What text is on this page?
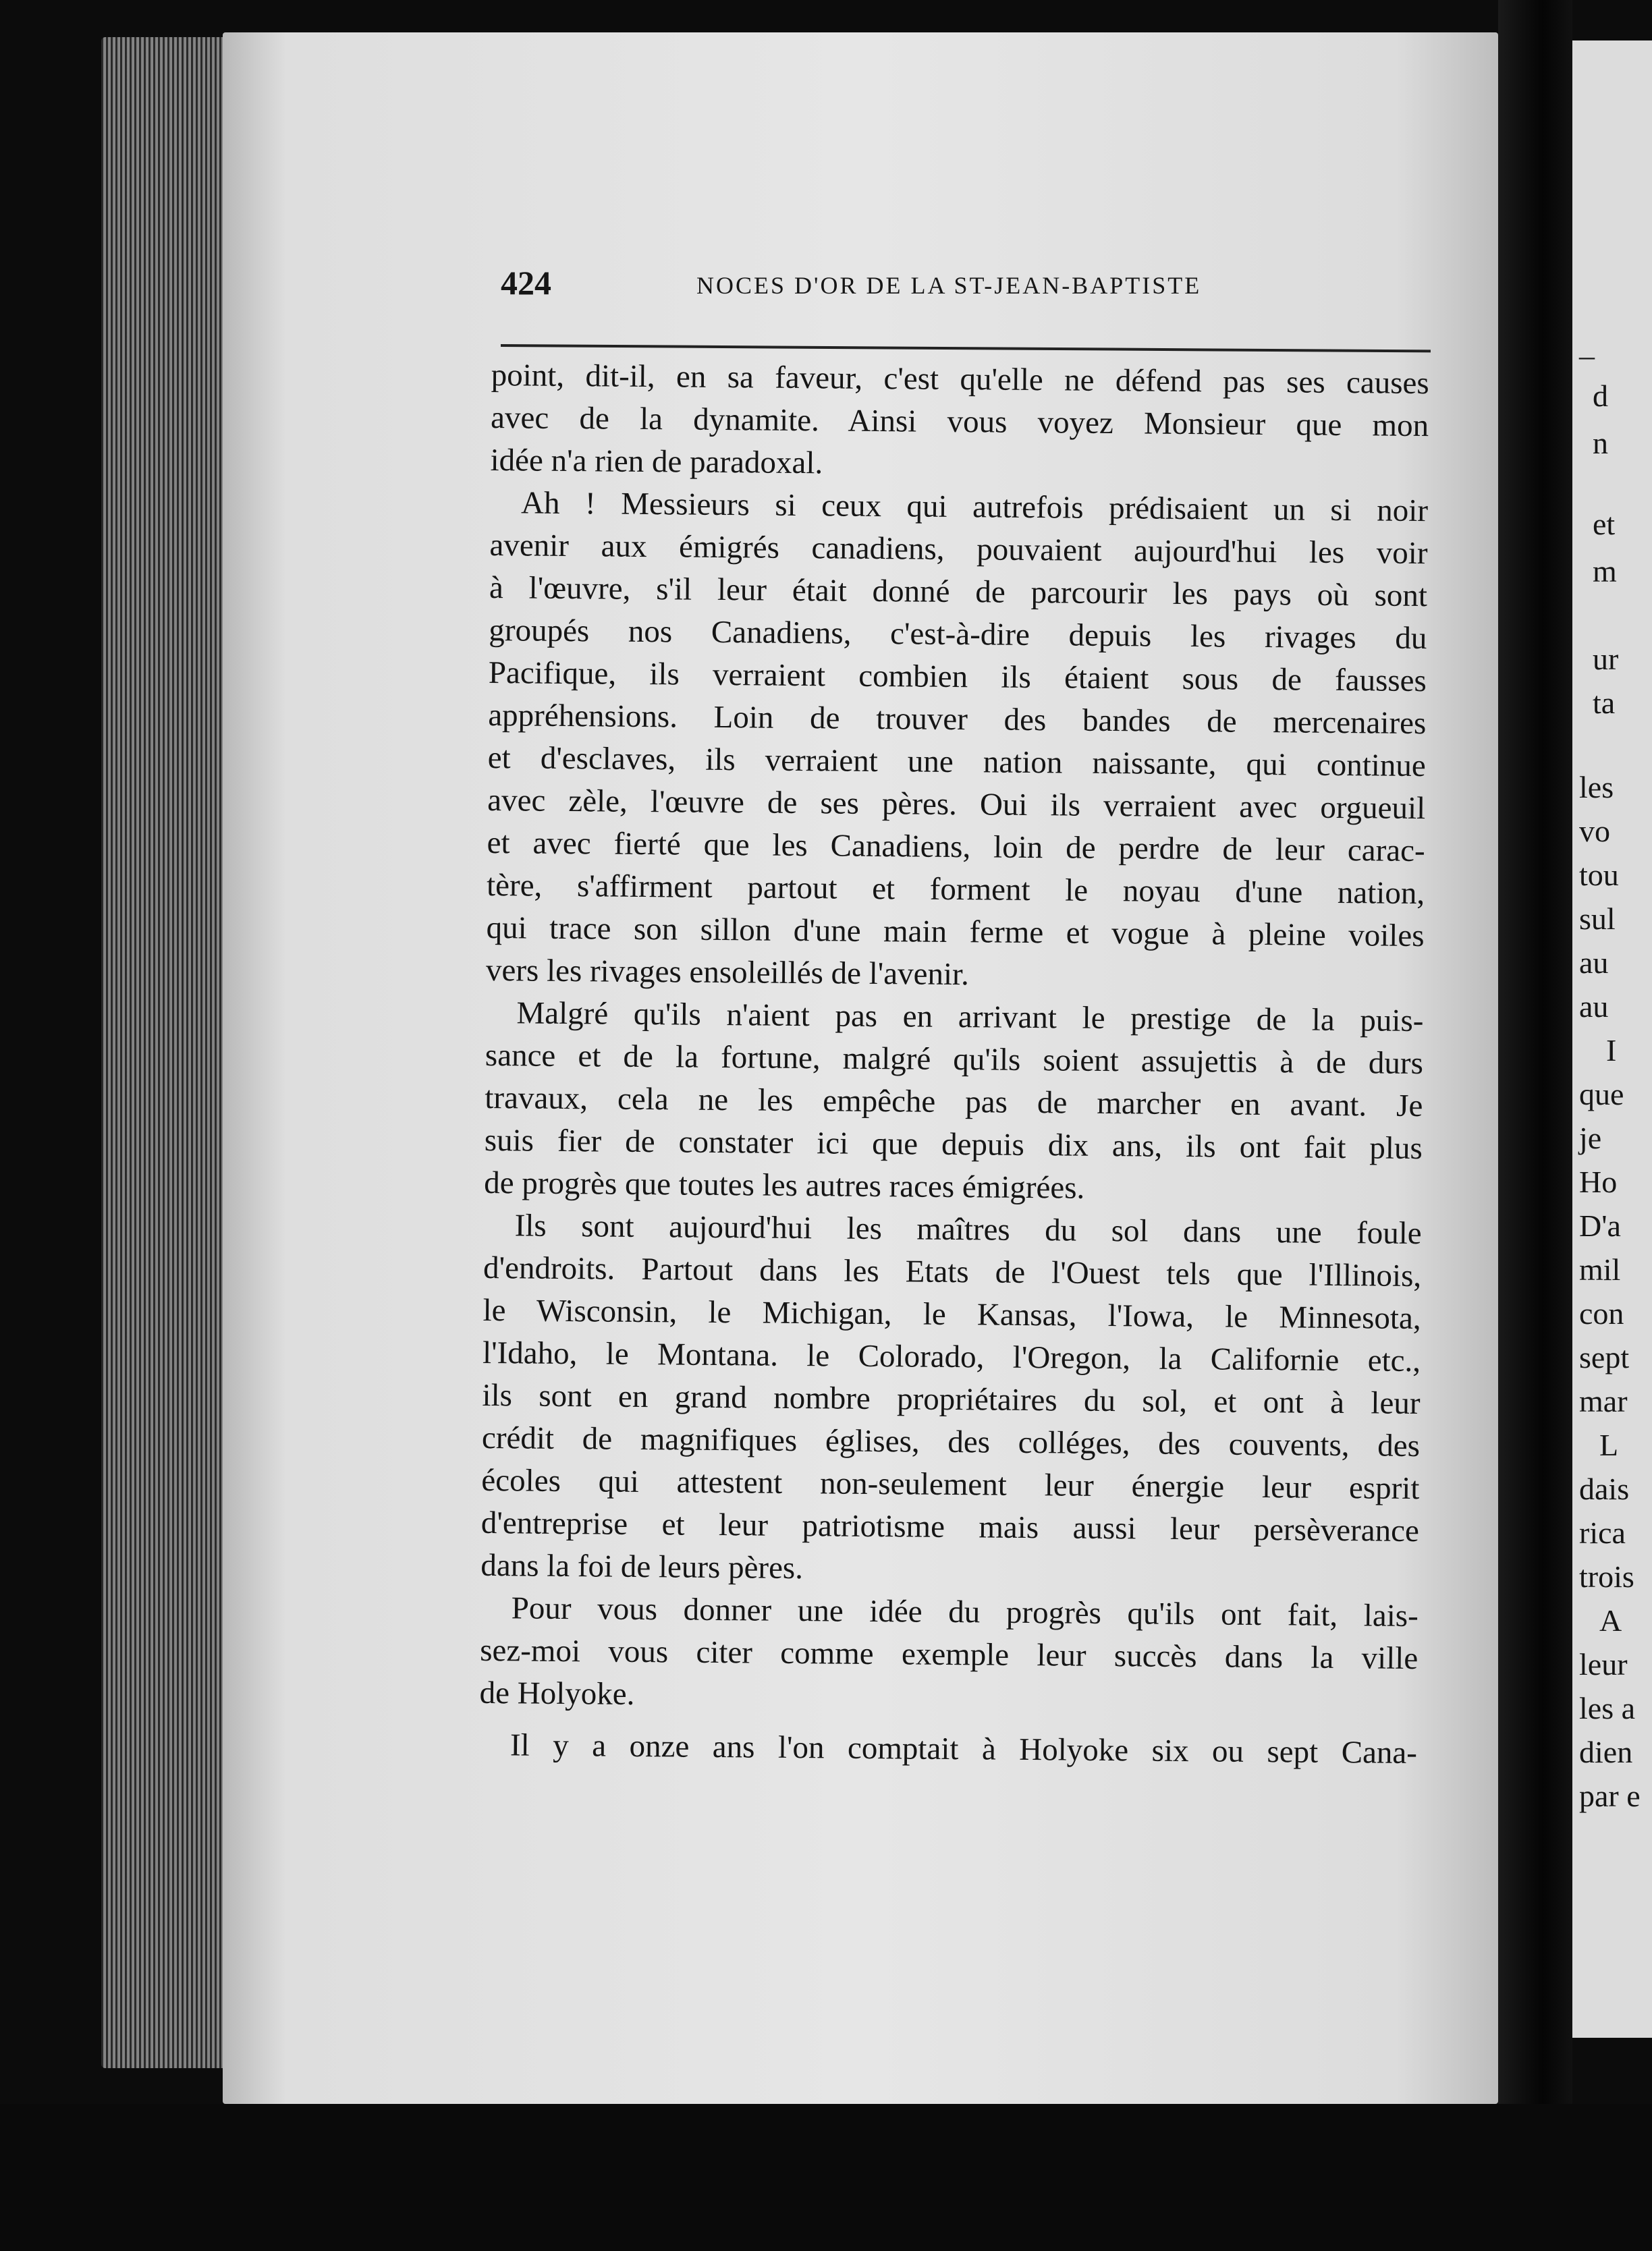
424	NOCES D'OR DE LA ST-JEAN-BAPTISTE
point, dit-il, en sa faveur, c'est qu'elle ne défend pas ses causes
avec de la dynamite. Ainsi vous voyez Monsieur que mon
idée n'a rien de paradoxal.
Ah ! Messieurs si ceux qui autrefois prédisaient un si noir
avenir aux émigrés canadiens, pouvaient aujourd'hui les voir
à l'œuvre, s'il leur était donné de parcourir les pays où sont
groupés nos Canadiens, c'est-à-dire depuis les rivages du
Pacifique, ils verraient combien ils étaient sous de fausses
appréhensions. Loin de trouver des bandes de mercenaires
et d'esclaves, ils verraient une nation naissante, qui continue
avec zèle, l'œuvre de ses pères. Oui ils verraient avec orgueuil
et avec fierté que les Canadiens, loin de perdre de leur carac-
tère, s'affirment partout et forment le noyau d'une nation,
qui trace son sillon d'une main ferme et vogue à pleine voiles
vers les rivages ensoleillés de l'avenir.
Malgré qu'ils n'aient pas en arrivant le prestige de la puis-
sance et de la fortune, malgré qu'ils soient assujettis à de durs
travaux, cela ne les empêche pas de marcher en avant. Je
suis fier de constater ici que depuis dix ans, ils ont fait plus
de progrès que toutes les autres races émigrées.
Ils sont aujourd'hui les maîtres du sol dans une foule
d'endroits. Partout dans les Etats de l'Ouest tels que l'Illinois,
le Wisconsin, le Michigan, le Kansas, l'Iowa, le Minnesota,
l'Idaho, le Montana. le Colorado, l'Oregon, la Californie etc.,
ils sont en grand nombre propriétaires du sol, et ont à leur
crédit de magnifiques églises, des colléges, des couvents, des
écoles qui attestent non-seulement leur énergie leur esprit
d'entreprise et leur patriotisme mais aussi leur persèverance
dans la foi de leurs pères.
Pour vous donner une idée du progrès qu'ils ont fait, lais-
sez-moi vous citer comme exemple leur succès dans la ville
de Holyoke.
Il y a onze ans l'on comptait à Holyoke six ou sept Cana-
–
d
n
et
m
ur
ta
les
vo
tou
sul
au
au
I
que
je
Ho
D'a
mil
con
sept
mar
L
dais
rica
trois
A
leur
les a
dien
par e
